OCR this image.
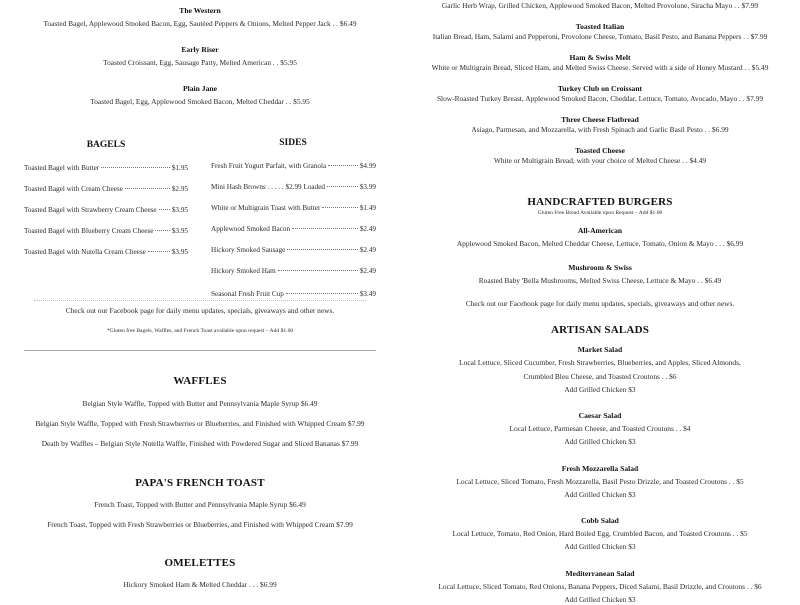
The Western
Toasted Bagel, Applewood Smoked Bacon, Egg, Sautéed Peppers & Onions, Melted Pepper Jack . . $6.49
Early Riser
Toasted Croissant, Egg, Sausage Patty, Melted American . . $5.95
Plain Jane
Toasted Bagel, Egg, Applewood Smoked Bacon, Melted Cheddar . . $5.95
BAGELS	SIDES
Toasted Bagel with Butter	$1.95
Toasted Bagel with Cream Cheese	$2.95
Toasted Bagel with Strawberry Cream Cheese $3.95
Toasted Bagel with Blueberry Cream Cheese	$3.95
Toasted Bagel with Nutella Cream Cheese	$3.95
Fresh Fruit Yogurt Parfait, with Granola	$4.99
Mini Hash Browns . . . . . $2.99 Loaded	$3.99
White or Multigrain Toast with Butter	$1.49
Applewood Smoked Bacon	$2.49
Hickory Smoked Sausage	$2.49
Hickory Smoked Ham	$2.49
Seasonal Fresh Fruit Cup	$3.49
Check out our Facebook page for daily menu updates, specials, giveaways and other news.
*Gluten free Bagels, Waffles, and French Toast available upon request – Add $1.00
WAFFLES
Belgian Style Waffle, Topped with Butter and Pennsylvania Maple Syrup $6.49
Belgian Style Waffle, Topped with Fresh Strawberries or Blueberries, and Finished with Whipped Cream $7.99
Death by Waffles – Belgian Style Nutella Waffle, Finished with Powdered Sugar and Sliced Bananas $7.99
PAPA'S FRENCH TOAST
French Toast, Topped with Butter and Pennsylvania Maple Syrup $6.49
French Toast, Topped with Fresh Strawberries or Blueberries, and Finished with Whipped Cream $7.99
OMELETTES
Hickory Smoked Ham & Melted Cheddar . . . $6.99
Garlic Herb Wrap, Grilled Chicken, Applewood Smoked Bacon, Melted Provolone, Siracha Mayo . . $7.99
Toasted Italian
Italian Bread, Ham, Salami and Pepperoni, Provolone Cheese, Tomato, Basil Pesto, and Banana Peppers . . $7.99
Ham & Swiss Melt
White or Multigrain Bread, Sliced Ham, and Melted Swiss Cheese. Served with a side of Honey Mustard . . $5.49
Turkey Club on Croissant
Slow-Roasted Turkey Breast, Applewood Smoked Bacon, Cheddar, Lettuce, Tomato, Avocado, Mayo . . $7.99
Three Cheese Flatbread
Asiago, Parmesan, and Mozzarella, with Fresh Spinach and Garlic Basil Pesto . . $6.99
Toasted Cheese
White or Multigrain Bread, with your choice of Melted Cheese . . $4.49
HANDCRAFTED BURGERS
Gluten Free Bread Available upon Request – Add $1.00
All-American
Applewood Smoked Bacon, Melted Cheddar Cheese, Lettuce, Tomato, Onion & Mayo . . . $6.99
Mushroom & Swiss
Roasted Baby 'Bella Mushrooms, Melted Swiss Cheese, Lettuce & Mayo . . $6.49
Check out our Facebook page for daily menu updates, specials, giveaways and other news.
ARTISAN SALADS
Market Salad
Local Lettuce, Sliced Cucumber, Fresh Strawberries, Blueberries, and Apples, Sliced Almonds,
Crumbled Bleu Cheese, and Toasted Croutons . . $6
Add Grilled Chicken $3
Caesar Salad
Local Lettuce, Parmesan Cheese, and Toasted Croutons . . $4
Add Grilled Chicken $3
Fresh Mozzarella Salad
Local Lettuce, Sliced Tomato, Fresh Mozzarella, Basil Pesto Drizzle, and Toasted Croutons . . $5
Add Grilled Chicken $3
Cobb Salad
Local Lettuce, Tomato, Red Onion, Hard Boiled Egg, Crumbled Bacon, and Toasted Croutons . . $5
Add Grilled Chicken $3
Mediterranean Salad
Local Lettuce, Sliced Tomato, Red Onions, Banana Peppers, Diced Salami, Basil Drizzle, and Croutons . . $6
Add Grilled Chicken $3
